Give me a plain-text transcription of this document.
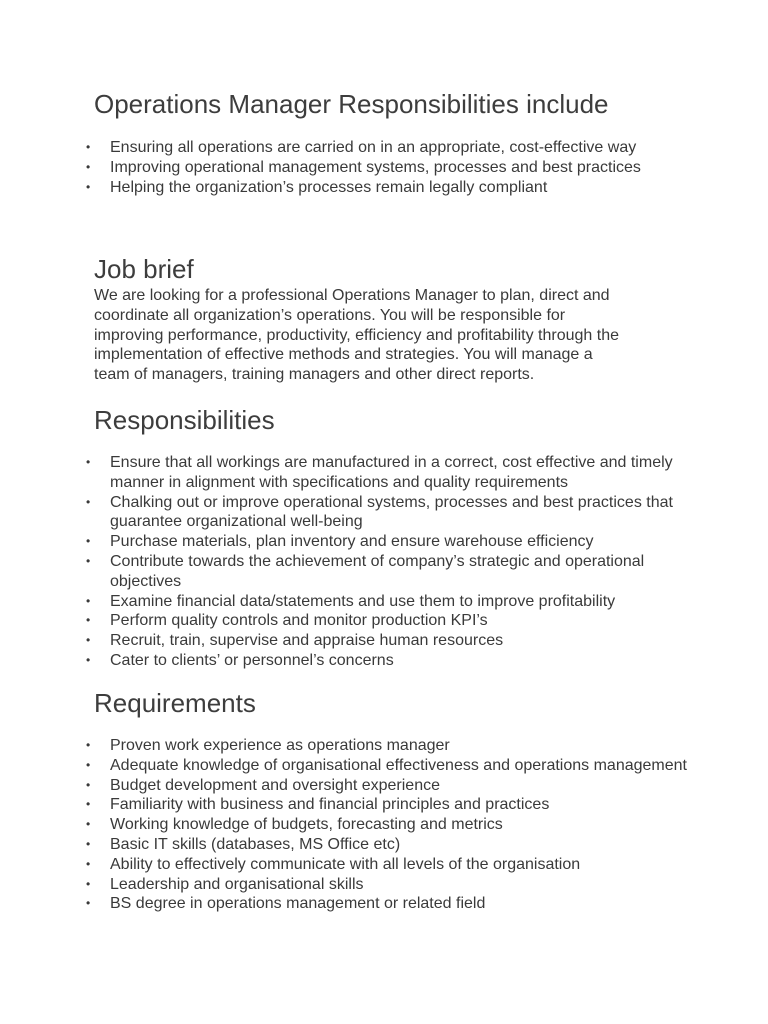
Operations Manager Responsibilities include
• Ensuring all operations are carried on in an appropriate, cost-effective way
• Improving operational management systems, processes and best practices
• Helping the organization’s processes remain legally compliant
Job brief
We are looking for a professional Operations Manager to plan, direct and
coordinate all organization’s operations. You will be responsible for
improving performance, productivity, efficiency and profitability through the
implementation of effective methods and strategies. You will manage a
team of managers, training managers and other direct reports.
Responsibilities
• Ensure that all workings are manufactured in a correct, cost effective and timely manner in alignment with specifications and quality requirements
• Chalking out or improve operational systems, processes and best practices that guarantee organizational well-being
• Purchase materials, plan inventory and ensure warehouse efficiency
• Contribute towards the achievement of company’s strategic and operational objectives
• Examine financial data/statements and use them to improve profitability
• Perform quality controls and monitor production KPI’s
• Recruit, train, supervise and appraise human resources
• Cater to clients’ or personnel’s concerns
Requirements
• Proven work experience as operations manager
• Adequate knowledge of organisational effectiveness and operations management
• Budget development and oversight experience
• Familiarity with business and financial principles and practices
• Working knowledge of budgets, forecasting and metrics
• Basic IT skills (databases, MS Office etc)
• Ability to effectively communicate with all levels of the organisation
• Leadership and organisational skills
• BS degree in operations management or related field
